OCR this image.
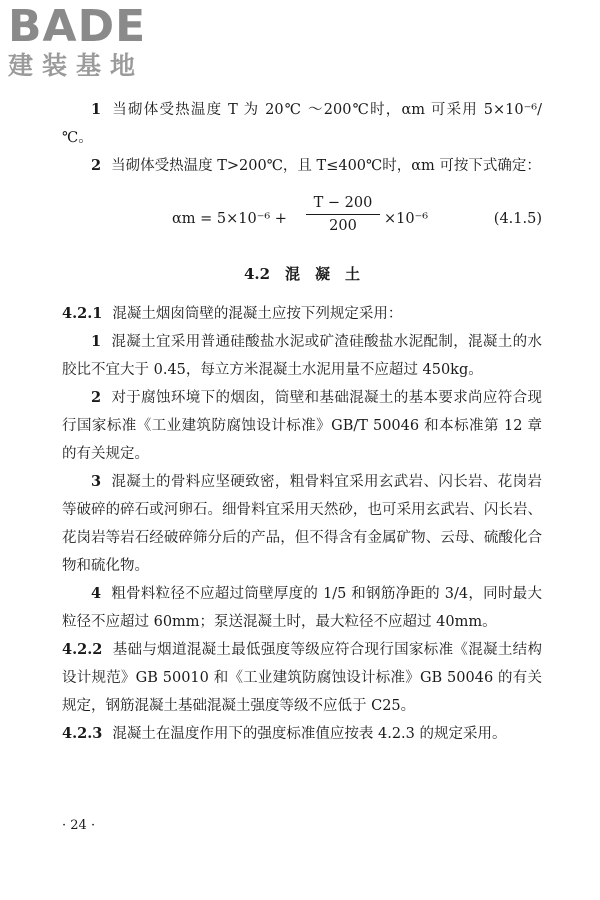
BADE
建装基地

1 当砌体受热温度 T 为 20℃ ～200℃时，αm 可采用 5×10⁻⁶/℃。

2 当砌体受热温度 T>200℃，且 T≤400℃时，αm 可按下式确定：

$\alpha m = 5\times 10^{-6} + \frac{T - 200}{200} \times 10^{-6}$	(4.1.5)
4.2　混　凝　土

4.2.1 混凝土烟囱筒壁的混凝土应按下列规定采用：

1 混凝土宜采用普通硅酸盐水泥或矿渣硅酸盐水泥配制，混凝土的水胶比不宜大于 0.45，每立方米混凝土水泥用量不应超过 450kg。

2 对于腐蚀环境下的烟囱，筒壁和基础混凝土的基本要求尚应符合现行国家标准《工业建筑防腐蚀设计标准》GB/T 50046 和本标准第 12 章的有关规定。

3 混凝土的骨料应坚硬致密，粗骨料宜采用玄武岩、闪长岩、花岗岩等破碎的碎石或河卵石。细骨料宜采用天然砂，也可采用玄武岩、闪长岩、花岗岩等岩石经破碎筛分后的产品，但不得含有金属矿物、云母、硫酸化合物和硫化物。

4 粗骨料粒径不应超过筒壁厚度的 1/5 和钢筋净距的 3/4，同时最大粒径不应超过 60mm；泵送混凝土时，最大粒径不应超过 40mm。

4.2.2 基础与烟道混凝土最低强度等级应符合现行国家标准《混凝土结构设计规范》GB 50010 和《工业建筑防腐蚀设计标准》GB 50046 的有关规定，钢筋混凝土基础混凝土强度等级不应低于 C25。

4.2.3 混凝土在温度作用下的强度标准值应按表 4.2.3 的规定采用。

· 24 ·
